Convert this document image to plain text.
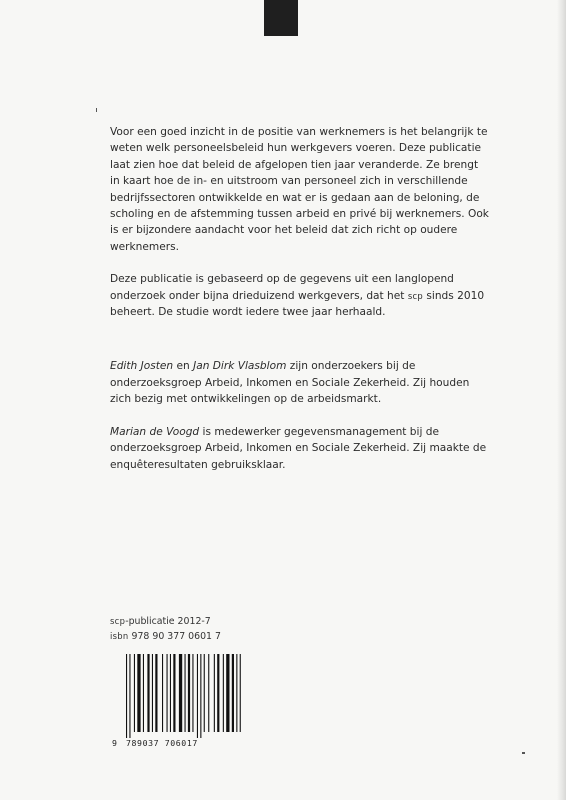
Voor een goed inzicht in de positie van werknemers is het belangrijk te weten welk personeelsbeleid hun werkgevers voeren. Deze publicatie laat zien hoe dat beleid de afgelopen tien jaar veranderde. Ze brengt in kaart hoe de in- en uitstroom van personeel zich in verschillende bedrijfssectoren ontwikkelde en wat er is gedaan aan de beloning, de scholing en de afstemming tussen arbeid en privé bij werknemers. Ook is er bijzondere aandacht voor het beleid dat zich richt op oudere werknemers.

Deze publicatie is gebaseerd op de gegevens uit een langlopend onderzoek onder bijna drieduizend werkgevers, dat het scp sinds 2010 beheert. De studie wordt iedere twee jaar herhaald.

Edith Josten en Jan Dirk Vlasblom zijn onderzoekers bij de onderzoeksgroep Arbeid, Inkomen en Sociale Zekerheid. Zij houden zich bezig met ontwikkelingen op de arbeidsmarkt.

Marian de Voogd is medewerker gegevensmanagement bij de onderzoeksgroep Arbeid, Inkomen en Sociale Zekerheid. Zij maakte de enquêteresultaten gebruiksklaar.

scp-publicatie 2012-7
isbn 978 90 377 0601 7
9 789037 706017
